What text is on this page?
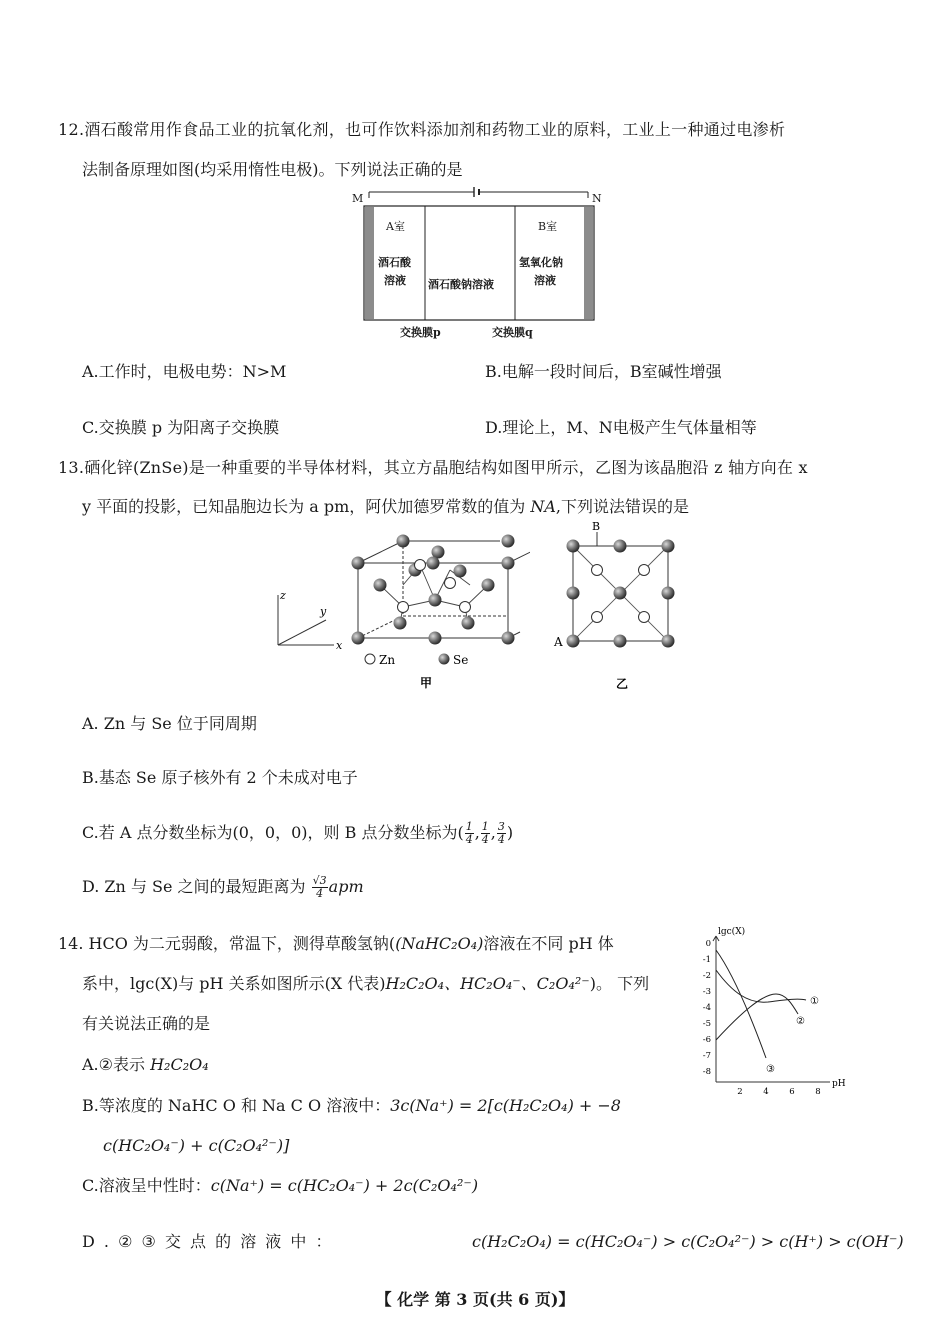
12.酒石酸常用作食品工业的抗氧化剂，也可作饮料添加剂和药物工业的原料，工业上一种通过电渗析
法制备原理如图(均采用惰性电极)。下列说法正确的是
M	N
A室
酒石酸
溶液 酒石酸钠溶液
B室
氢氧化钠
溶液
交换膜p	交换膜q
A.工作时，电极电势：N>M	B.电解一段时间后，B室碱性增强
C.交换膜 p 为阳离子交换膜	D.理论上，M、N电极产生气体量相等
13.硒化锌(ZnSe)是一种重要的半导体材料，其立方晶胞结构如图甲所示，乙图为该晶胞沿 z 轴方向在 x
y 平面的投影，已知晶胞边长为 a pm，阿伏加德罗常数的值为 NA,下列说法错误的是
z
y
x
Zn	Se
甲
B
A
乙
A. Zn 与 Se 位于同周期
B.基态 Se 原子核外有 2 个未成对电子
C.若 A 点分数坐标为(0，0，0)，则 B 点分数坐标为( $\frac{1}{4}$ , $\frac{1}{4}$ , $\frac{3}{4}$ )
D. Zn 与 Se 之间的最短距离为 $\frac{√3}{4}$ apm
14. HCO 为二元弱酸，常温下，测得草酸氢钠((NaHC₂O₄)溶液在不同 pH 体
系中，lgc(X)与 pH 关系如图所示(X 代表)H₂C₂O₄、HC₂O₄⁻、C₂O₄²⁻)。 下列
有关说法正确的是
A.②表示 H₂C₂O₄
B.等浓度的 NaHC O 和 Na C O 溶液中：3c(Na⁺) = 2[c(H₂C₂O₄) + −8
c(HC₂O₄⁻) + c(C₂O₄²⁻)]
C.溶液呈中性时：c(Na⁺) = c(HC₂O₄⁻) + 2c(C₂O₄²⁻)
D . ② ③ 交 点 的 溶 液 中 ：	c(H₂C₂O₄) = c(HC₂O₄⁻) > c(C₂O₄²⁻) > c(H⁺) > c(OH⁻)
lgc(X)
pH
0
-1
-2
-3
-4
-5
-6
-7
-8
2 4 6 8
①
②
③
【 化学 第 3 页(共 6 页)】
